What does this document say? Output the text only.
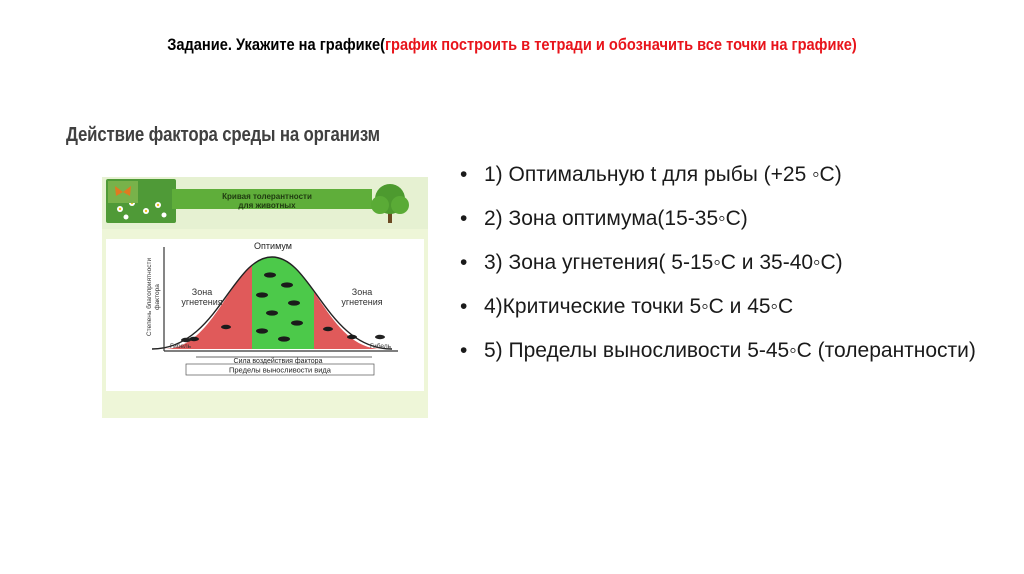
Задание. Укажите на графике(график построить в тетради и обозначить все точки на графике)
Действие фактора среды на организм
Кривая толерантности
для животных
Оптимум
Зона
угнетения
Зона
угнетения
Гибель	Гибель
Степень благоприятности фактора
Сила воздействия фактора
Пределы выносливости вида
• 1) Оптимальную t для рыбы (+25 ◦С)
• 2) Зона оптимума(15-35◦С)
• 3) Зона угнетения( 5-15◦С и 35-40◦С)
• 4)Критические точки 5◦С и 45◦С
• 5) Пределы выносливости 5-45◦С (толерантности)
